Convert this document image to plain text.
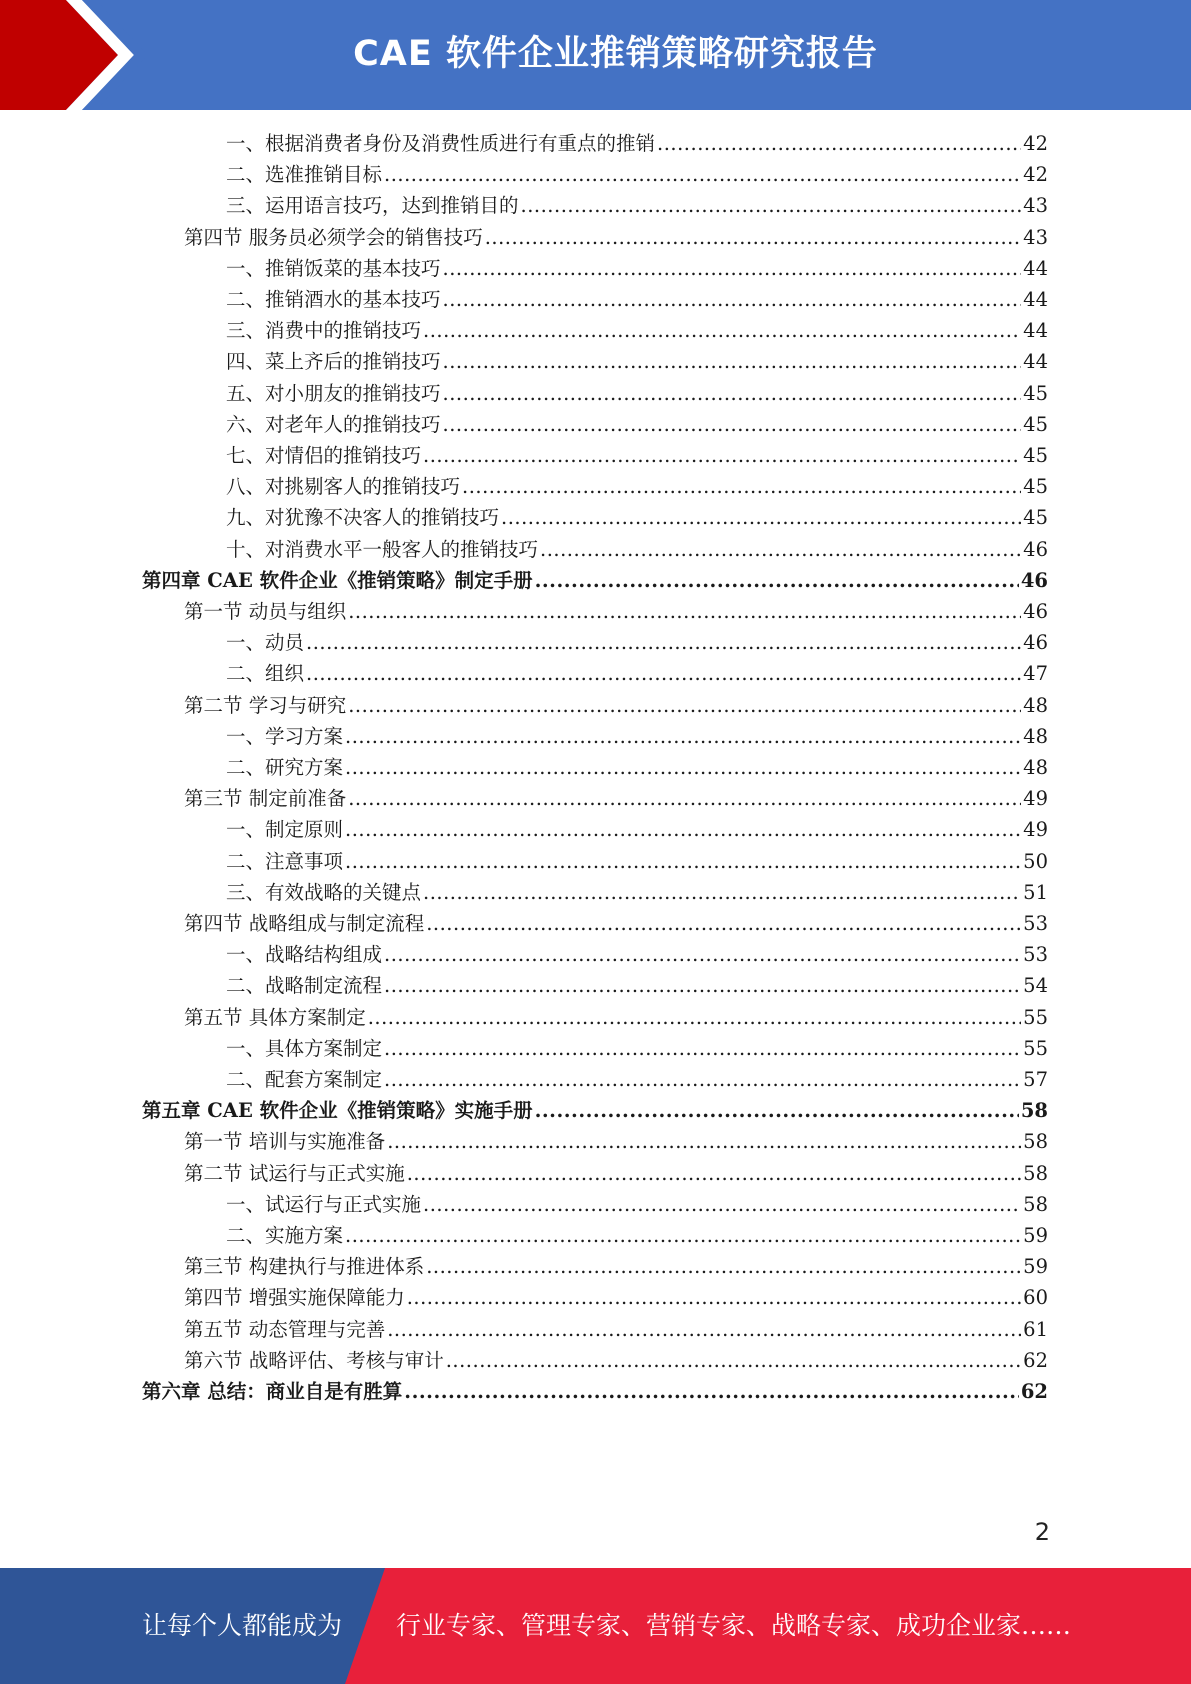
CAE 软件企业推销策略研究报告
一、根据消费者身份及消费性质进行有重点的推销 .....	42
二、选准推销目标 .....	42
三、运用语言技巧，达到推销目的 .....	43
第四节 服务员必须学会的销售技巧 .....	43
一、推销饭菜的基本技巧 .....	44
二、推销酒水的基本技巧 .....	44
三、消费中的推销技巧 .....	44
四、菜上齐后的推销技巧 .....	44
五、对小朋友的推销技巧 .....	45
六、对老年人的推销技巧 .....	45
七、对情侣的推销技巧 .....	45
八、对挑剔客人的推销技巧 .....	45
九、对犹豫不决客人的推销技巧 .....	45
十、对消费水平一般客人的推销技巧 .....	46
第四章 CAE 软件企业《推销策略》制定手册 .....	46
第一节 动员与组织 .....	46
一、动员 .....	46
二、组织 .....	47
第二节 学习与研究 .....	48
一、学习方案 .....	48
二、研究方案 .....	48
第三节 制定前准备 .....	49
一、制定原则 .....	49
二、注意事项 .....	50
三、有效战略的关键点 .....	51
第四节 战略组成与制定流程 .....	53
一、战略结构组成 .....	53
二、战略制定流程 .....	54
第五节 具体方案制定 .....	55
一、具体方案制定 .....	55
二、配套方案制定 .....	57
第五章 CAE 软件企业《推销策略》实施手册 .....	58
第一节 培训与实施准备 .....	58
第二节 试运行与正式实施 .....	58
一、试运行与正式实施 .....	58
二、实施方案 .....	59
第三节 构建执行与推进体系 .....	59
第四节 增强实施保障能力 .....	60
第五节 动态管理与完善 .....	61
第六节 战略评估、考核与审计 .....	62
第六章 总结：商业自是有胜算 .....	62
2
让每个人都能成为 行业专家、管理专家、营销专家、战略专家、成功企业家……
